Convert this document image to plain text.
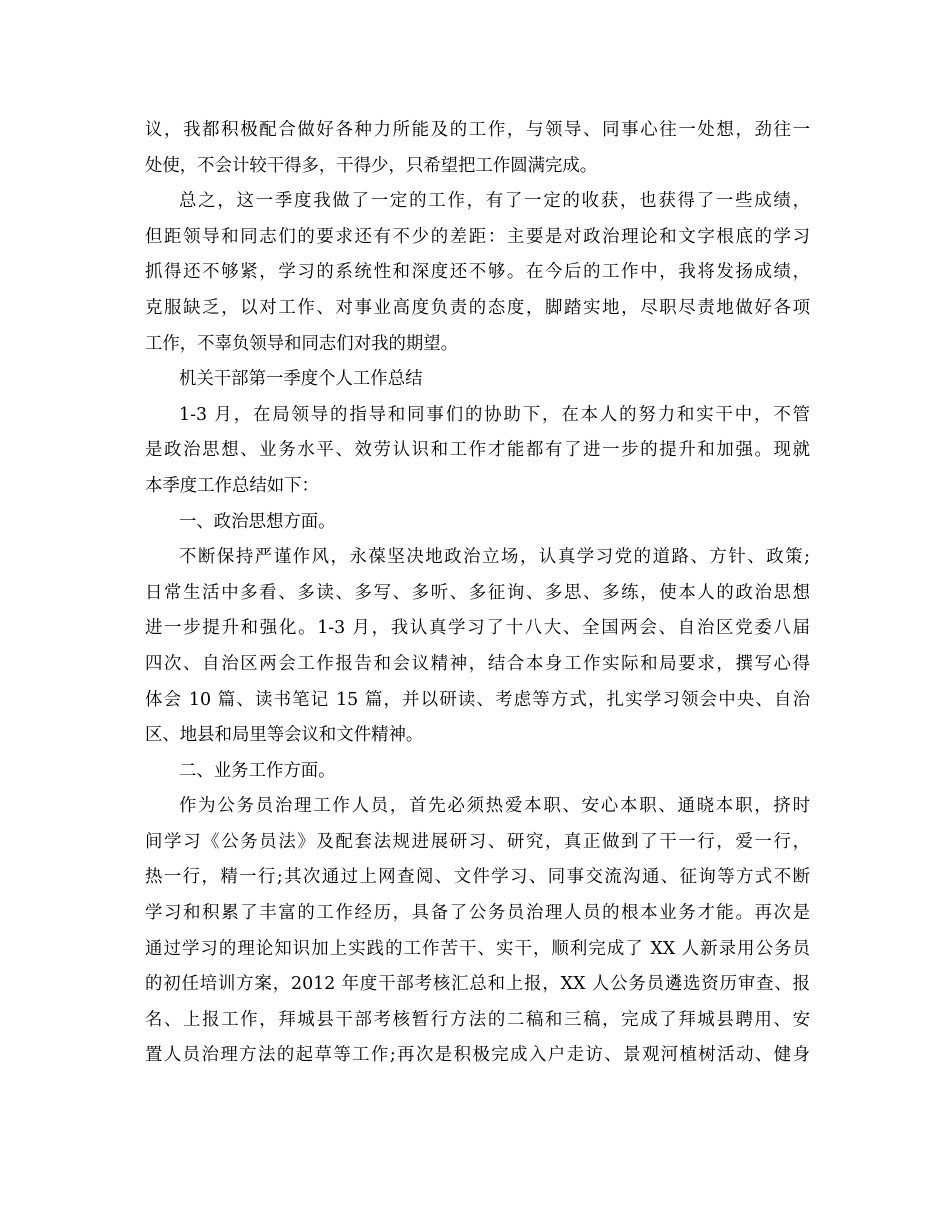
议，我都积极配合做好各种力所能及的工作，与领导、同事心往一处想，劲往一
处使，不会计较干得多，干得少，只希望把工作圆满完成。
总之，这一季度我做了一定的工作，有了一定的收获，也获得了一些成绩，
但距领导和同志们的要求还有不少的差距：主要是对政治理论和文字根底的学习
抓得还不够紧，学习的系统性和深度还不够。在今后的工作中，我将发扬成绩，
克服缺乏，以对工作、对事业高度负责的态度，脚踏实地，尽职尽责地做好各项
工作，不辜负领导和同志们对我的期望。
机关干部第一季度个人工作总结
1-3 月，在局领导的指导和同事们的协助下，在本人的努力和实干中，不管
是政治思想、业务水平、效劳认识和工作才能都有了进一步的提升和加强。现就
本季度工作总结如下：
一、政治思想方面。
不断保持严谨作风，永葆坚决地政治立场，认真学习党的道路、方针、政策;
日常生活中多看、多读、多写、多听、多征询、多思、多练，使本人的政治思想
进一步提升和强化。1-3 月，我认真学习了十八大、全国两会、自治区党委八届
四次、自治区两会工作报告和会议精神，结合本身工作实际和局要求，撰写心得
体会 10 篇、读书笔记 15 篇，并以研读、考虑等方式，扎实学习领会中央、自治
区、地县和局里等会议和文件精神。
二、业务工作方面。
作为公务员治理工作人员，首先必须热爱本职、安心本职、通晓本职，挤时
间学习《公务员法》及配套法规进展研习、研究，真正做到了干一行，爱一行，
热一行，精一行;其次通过上网查阅、文件学习、同事交流沟通、征询等方式不断
学习和积累了丰富的工作经历，具备了公务员治理人员的根本业务才能。再次是
通过学习的理论知识加上实践的工作苦干、实干，顺利完成了 XX 人新录用公务员
的初任培训方案，2012 年度干部考核汇总和上报，XX 人公务员遴选资历审查、报
名、上报工作，拜城县干部考核暂行方法的二稿和三稿，完成了拜城县聘用、安
置人员治理方法的起草等工作;再次是积极完成入户走访、景观河植树活动、健身
